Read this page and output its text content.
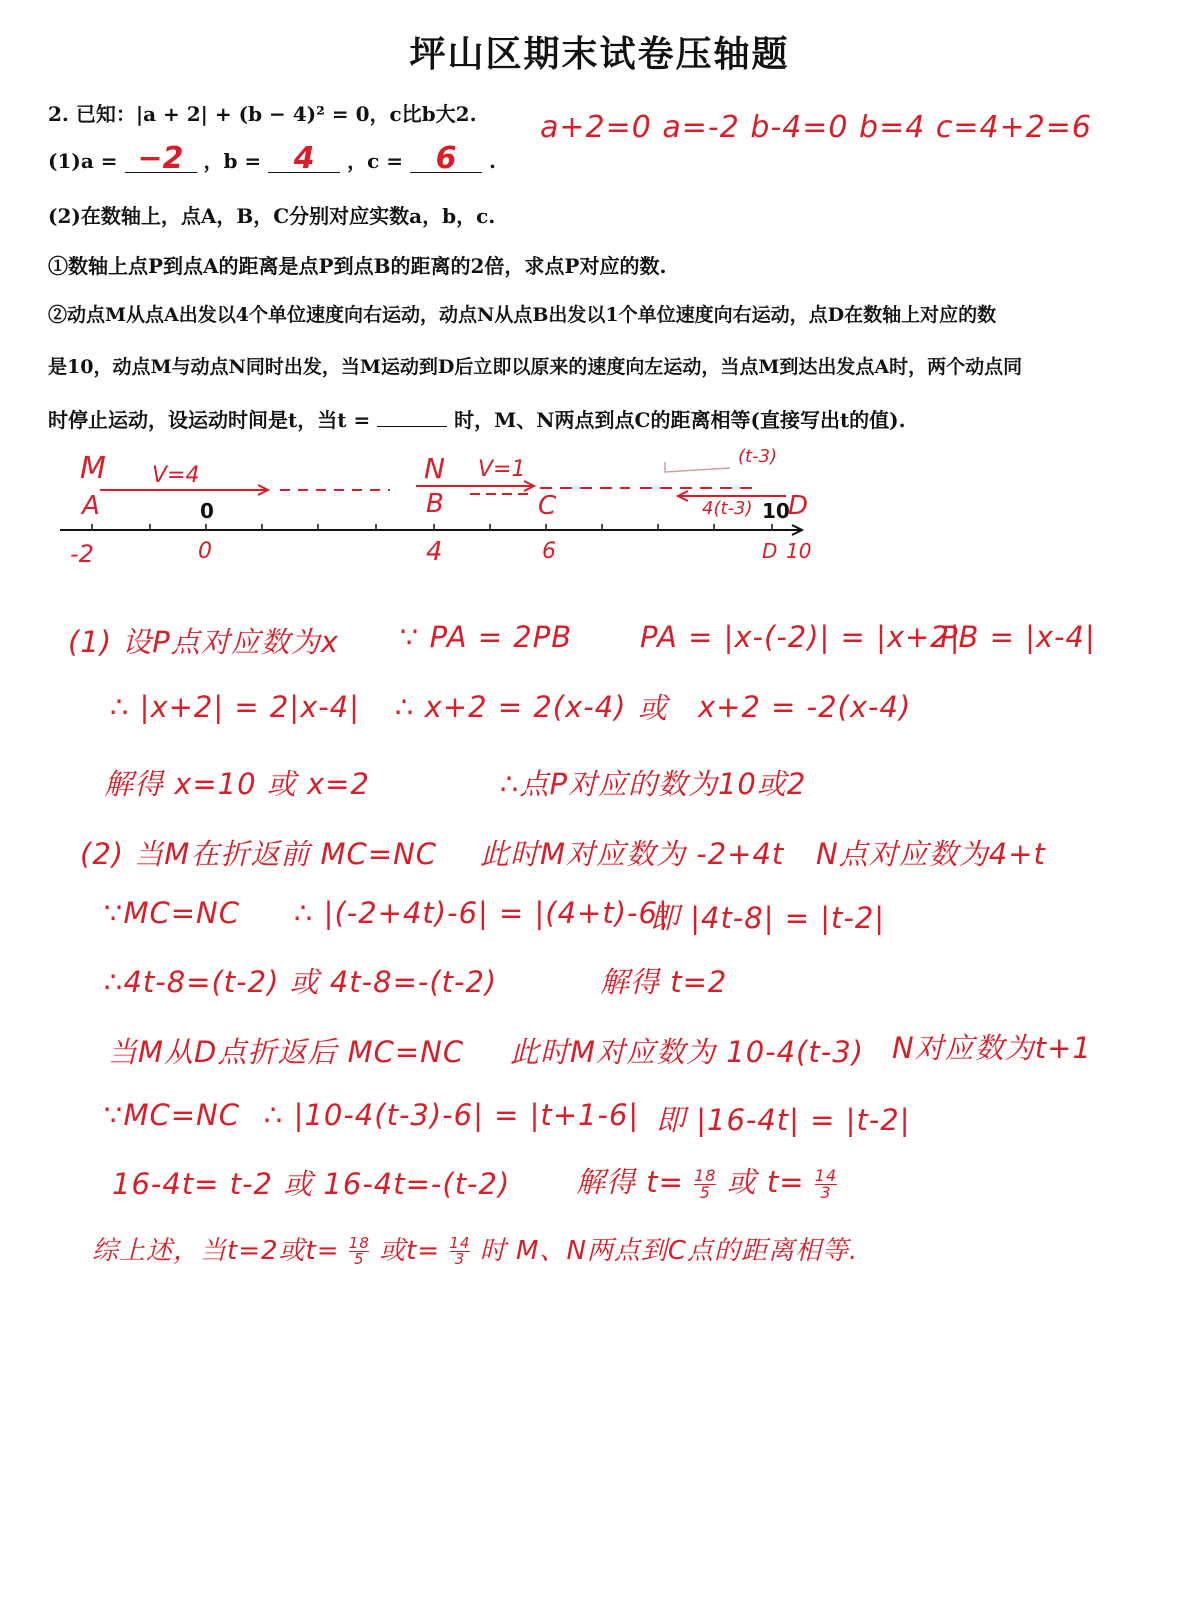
坪山区期末试卷压轴题
2. 已知：|a + 2| + (b − 4)² = 0，c比b大2.
(1)a = −2 ，b = 4 ，c = 6 .
a+2=0 a=-2 b-4=0 b=4 c=4+2=6
(2)在数轴上，点A，B，C分别对应实数a，b，c.
①数轴上点P到点A的距离是点P到点B的距离的2倍，求点P对应的数.
②动点M从点A出发以4个单位速度向右运动，动点N从点B出发以1个单位速度向右运动，点D在数轴上对应的数
是10，动点M与动点N同时出发，当M运动到D后立即以原来的速度向左运动，当点M到达出发点A时，两个动点同
时停止运动，设运动时间是t，当t =	时，M、N两点到点C的距离相等(直接写出t的值).
0	10
M
A
V=4	N
B
V=1
C
(t-3)
4(t-3) D
-2	0	4	6	D 10
(1) 设P点对应数为x ∵ PA = 2PB PA = |x-(-2)| = |x+2|
PB = |x-4|
∴ |x+2| = 2|x-4| ∴ x+2 = 2(x-4) 或 x+2 = -2(x-4)
解得 x=10 或 x=2	∴点P对应的数为10或2
(2) 当M在折返前 MC=NC 此时M对应数为 -2+4t N点对应数为4+t
∵MC=NC ∴ |(-2+4t)-6| = |(4+t)-6|
即 |4t-8| = |t-2|
∴4t-8=(t-2) 或 4t-8=-(t-2)	解得 t=2
当M从D点折返后 MC=NC 此时M对应数为 10-4(t-3) N对应数为t+1
∵MC=NC ∴ |10-4(t-3)-6| = |t+1-6| 即 |16-4t| = |t-2|
16-4t= t-2 或 16-4t=-(t-2) 解得 $t= \frac{18}{5}$ 或 $t= \frac{14}{3}$
综上述，当t=2或$t= \frac{18}{5}$ 或$t= \frac{14}{3}$ 时 M、N两点到C点的距离相等.
